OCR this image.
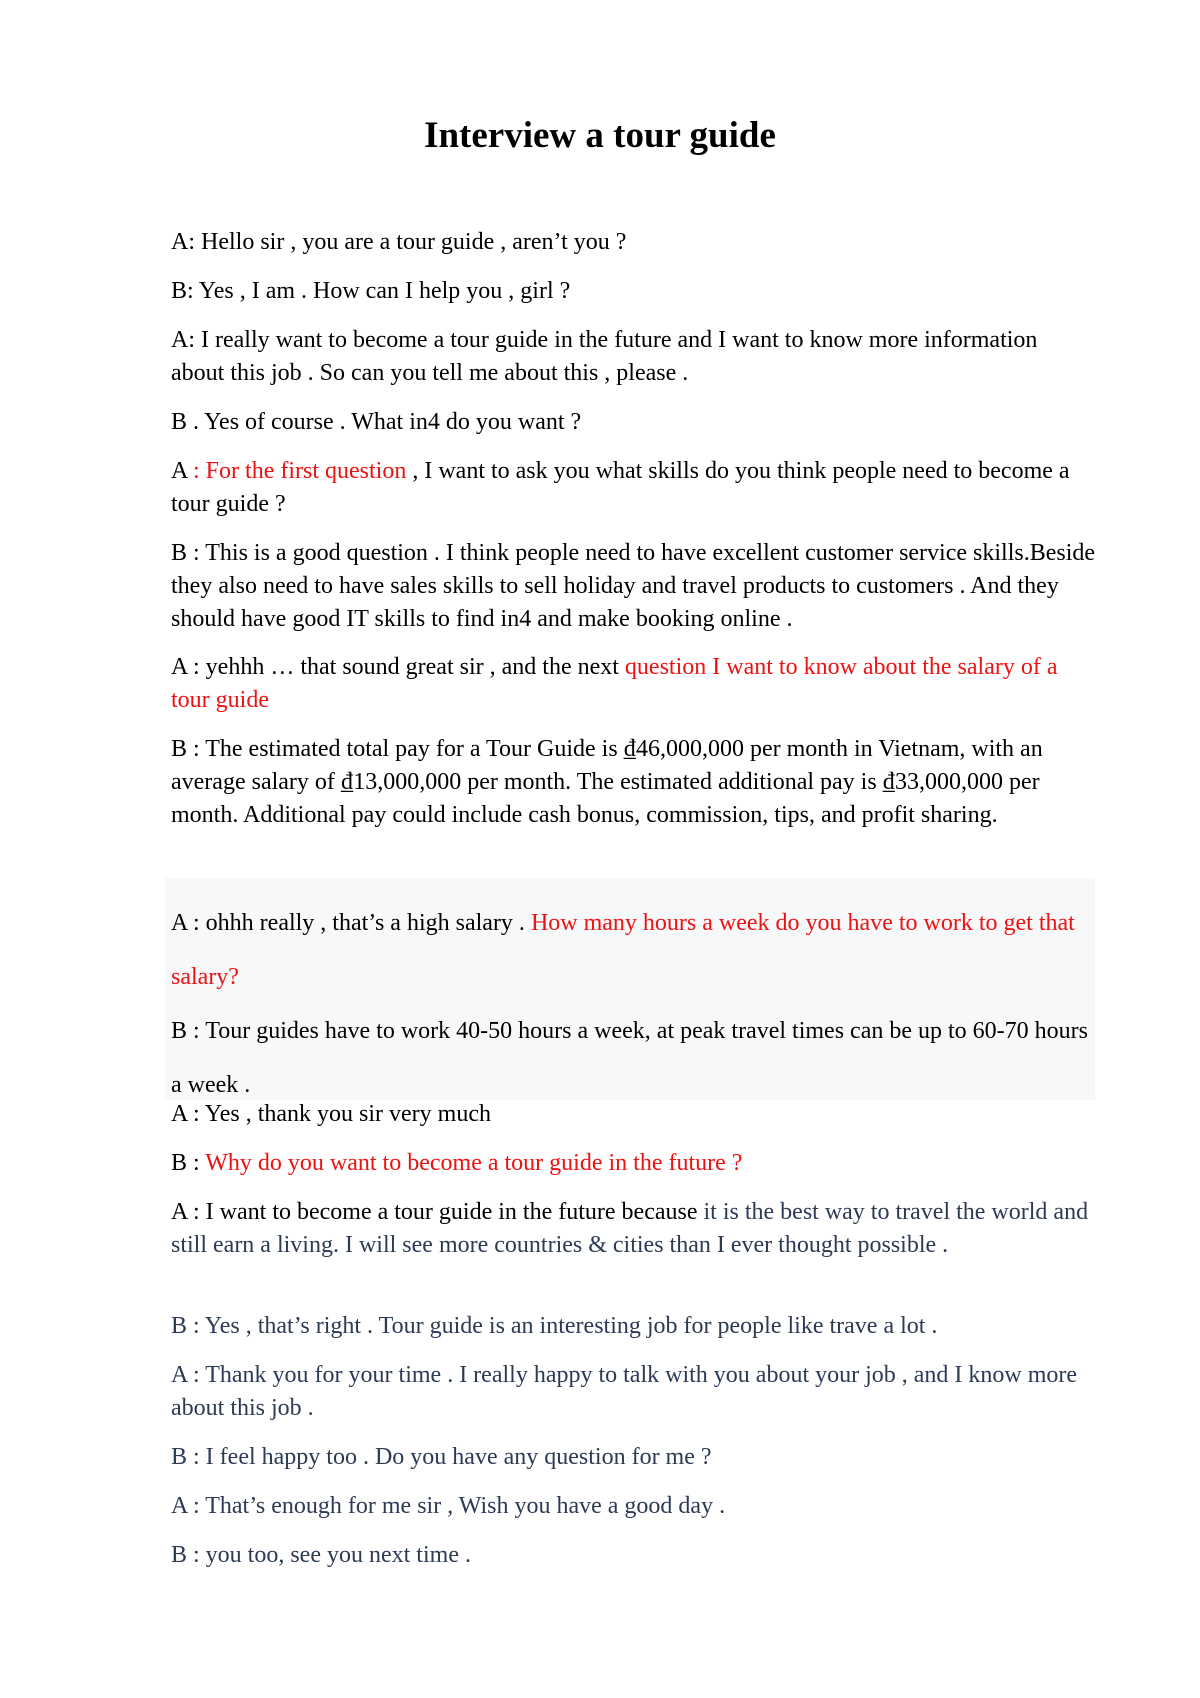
Interview a tour guide

A: Hello sir , you are a tour guide , aren’t you ?

B: Yes , I am . How can I help you , girl ?

A: I really want to become a tour guide in the future and I want to know more information about this job . So can you tell me about this , please .

B . Yes of course . What in4 do you want ?

A : For the first question , I want to ask you what skills do you think people need to become a tour guide ?

B : This is a good question . I think people need to have excellent customer service skills.Beside they also need to have sales skills to sell holiday and travel products to customers . And they should have good IT skills to find in4 and make booking online .

A : yehhh … that sound great sir , and the next question I want to know about the salary of a tour guide

B : The estimated total pay for a Tour Guide is ₫46,000,000 per month in Vietnam, with an average salary of ₫13,000,000 per month. The estimated additional pay is ₫33,000,000 per month. Additional pay could include cash bonus, commission, tips, and profit sharing.

A : ohhh really , that’s a high salary . How many hours a week do you have to work to get that salary?

B : Tour guides have to work 40-50 hours a week, at peak travel times can be up to 60-70 hours a week .

A : Yes , thank you sir very much

B : Why do you want to become a tour guide in the future ?

A : I want to become a tour guide in the future because it is the best way to travel the world and still earn a living. I will see more countries & cities than I ever thought possible .

B : Yes , that’s right . Tour guide is an interesting job for people like trave a lot .

A : Thank you for your time . I really happy to talk with you about your job , and I know more about this job .

B : I feel happy too . Do you have any question for me ?

A : That’s enough for me sir , Wish you have a good day .

B : you too, see you next time .
